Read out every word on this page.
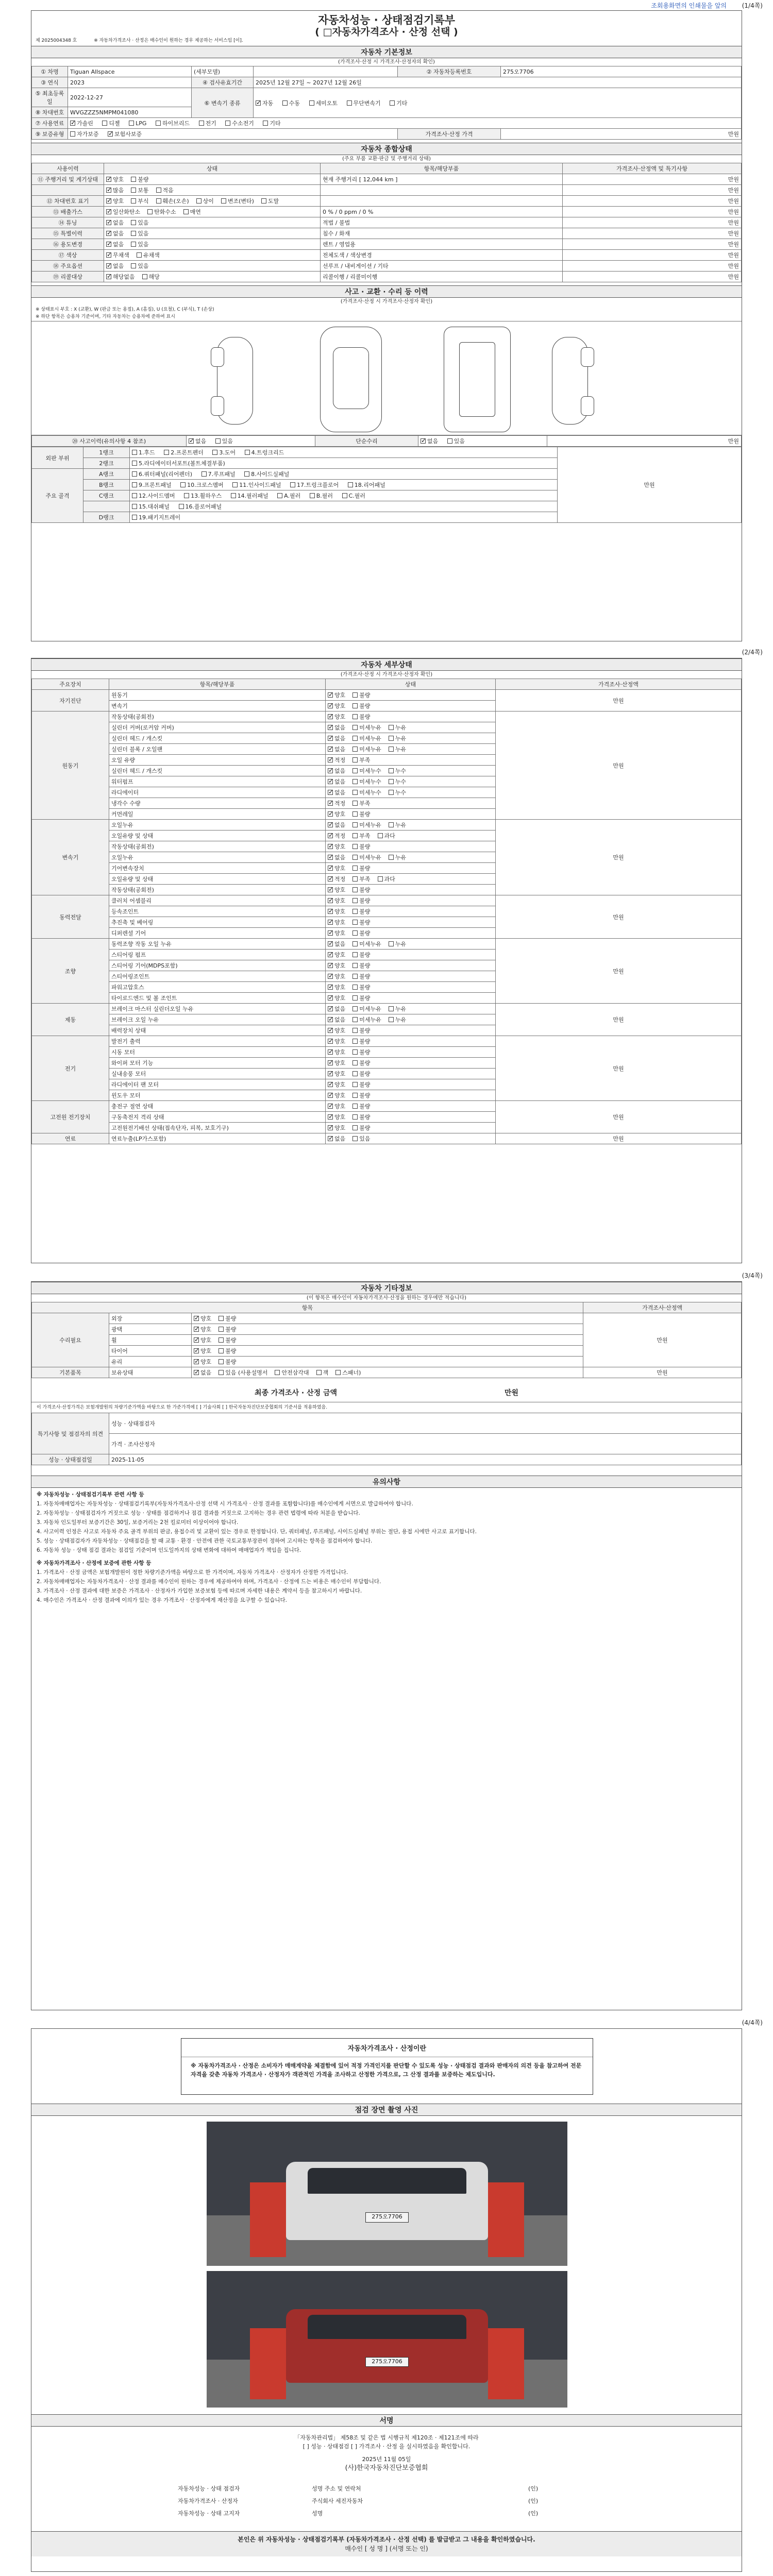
조회용화면의 인쇄물을 앞의 (1/4쪽)
자동차성능 · 상태점검기록부
( □자동차가격조사 · 산정 선택 )
제 2025004348 호	※ 자동차가격조사 · 산정은 매수인이 원하는 경우 제공하는 서비스임 [이].
자동차 기본정보
(가격조사·산정 시 가격조사·산정자의 확인)
① 차명	Tiguan Allspace	(세부모델)		② 자동차등록번호	275오7706
③ 연식	2023	④ 검사유효기간	2025년 12월 27일 ~ 2027년 12월 26일		
⑤ 최초등록일	2022-12-27	⑥ 변속기 종류	✓자동 수동 세미오토 무단변속기 기타
⑧ 차대번호	WVGZZZ5NMPM041080				
⑦ 사용연료	✓가솔린 디젤 LPG 하이브리드 전기 수소전기 기타
⑨ 보증유형	자가보증 ✓ 보험사보증			가격조사·산정 가격	만원
자동차 종합상태
(주요 부품 교환·판금 및 주행거리 상태)
사용이력	상태	항목/해당부품	가격조사·산정액 및 특기사항
⑪ 주행거리 및 계기상태	✓양호 불량	현재 주행거리 [ 12,044 km ]	만원
	✓많음 보통 적음		만원
⑫ 차대번호 표기	✓양호 부식 훼손(오손) 상이 변조(변타) 도말		만원
⑬ 배출가스	✓일산화탄소 탄화수소 매연	0 % / 0 ppm / 0 %	만원
⑭ 튜닝	✓없음 있음	적법 / 불법	만원
⑮ 특별이력	✓없음 있음	침수 / 화재	만원
⑯ 용도변경	✓없음 있음	렌트 / 영업용	만원
⑰ 색상	✓무채색 유채색	전체도색 / 색상변경	만원
⑱ 주요옵션	✓없음 있음	선루프 / 내비게이션 / 기타	만원
⑲ 리콜대상	✓해당없음 해당	리콜이행 / 리콜미이행	만원
사고 · 교환 · 수리 등 이력
(가격조사·산정 시 가격조사·산정자 확인)
※ 상태표시 부호 : X (교환), W (판금 또는 용접), A (흠집), U (요철), C (부식), T (손상)
※ 하단 항목은 승용차 기준이며, 기타 자동차는 승용차에 준하여 표시
⑳ 사고이력(유의사항 4 참조)	✓없음	있음	단순수리	✓없음	있음	만원
외판 부위	1랭크	1.후드 2.프론트펜더 3.도어 4.트렁크리드	만원
	2랭크	5.라디에이터서포트(볼트체결부품)	
주요 골격	A랭크	6.쿼터패널(리어펜더) 7.루프패널 8.사이드실패널	
	B랭크	9.프론트패널 10.크로스멤버 11.인사이드패널 17.트렁크플로어 18.리어패널	
	C랭크	12.사이드멤버 13.휠하우스 14.필러패널 A.필러 B.필러 C.필러	
		15.대쉬패널 16.플로어패널	
	D랭크	19.패키지트레이	
(2/4쪽)
자동차 세부상태
(가격조사·산정 시 가격조사·산정자 확인)
주요장치	항목/해당부품	상태	가격조사·산정액
자기진단	원동기	✓양호 불량	만원
	변속기	✓양호 불량
원동기	작동상태(공회전)	✓양호 불량	만원
	실린더 커버(로커암 커버)	✓없음 미세누유 누유
	실린더 헤드 / 개스킷	✓없음 미세누유 누유
	실린더 블록 / 오일팬	✓없음 미세누유 누유
	오일 유량	✓적정 부족
	실린더 헤드 / 개스킷	✓없음 미세누수 누수
	워터펌프	✓없음 미세누수 누수
	라디에이터	✓없음 미세누수 누수
	냉각수 수량	✓적정 부족
	커먼레일	✓양호 불량
변속기	오일누유	✓없음 미세누유 누유	만원
	오일유량 및 상태	✓적정 부족 과다
	작동상태(공회전)	✓양호 불량
	오일누유	✓없음 미세누유 누유
	기어변속장치	✓양호 불량
	오일유량 및 상태	✓적정 부족 과다
	작동상태(공회전)	✓양호 불량
동력전달	클러치 어셈블리	✓양호 불량	만원
	등속조인트	✓양호 불량
	추진축 및 베어링	✓양호 불량
	디퍼렌셜 기어	✓양호 불량
조향	동력조향 작동 오일 누유	✓없음 미세누유 누유	만원
	스티어링 펌프	✓양호 불량
	스티어링 기어(MDPS포함)	✓양호 불량
	스티어링조인트	✓양호 불량
	파워고압호스	✓양호 불량
	타이로드엔드 및 볼 조인트	✓양호 불량
제동	브레이크 마스터 실린더오일 누유	✓없음 미세누유 누유	만원
	브레이크 오일 누유	✓없음 미세누유 누유
	배력장치 상태	✓양호 불량
전기	발전기 출력	✓양호 불량	만원
	시동 모터	✓양호 불량
	와이퍼 모터 기능	✓양호 불량
	실내송풍 모터	✓양호 불량
	라디에이터 팬 모터	✓양호 불량
	윈도우 모터	✓양호 불량
고전원 전기장치	충전구 절연 상태	✓양호 불량	만원
	구동축전지 격리 상태	✓양호 불량
	고전원전기배선 상태(접속단자, 피복, 보호기구)	✓양호 불량
연료	연료누출(LP가스포함)	✓없음 있음	만원
(3/4쪽)
자동차 기타정보
(이 항목은 매수인이 자동차가격조사·산정을 원하는 경우에만 적습니다)
항목			가격조사·산정액
수리필요	외장	✓양호 불량	만원
	광택	✓양호 불량
	휠	✓양호 불량
	타이어	✓양호 불량
	유리	✓양호 불량
기본품목	보유상태	✓없음 있음 (사용설명서 안전삼각대 잭 스패너)	만원
최종 가격조사 · 산정 금액	만원
이 가격조사·산정가격은 보험개발원의 차량기준가액을 바탕으로 한 가준가격에 [ ] 기술사회 [ ] 한국자동차진단보증협회의 기준서를 적용하였음.
특기사항 및 점검자의 의견	성능 · 상태점검자
	가격 · 조사산정자
성능 · 상태점검일	2025-11-05
유의사항

※ 자동차성능 · 상태점검기록부 관련 사항 등

1. 자동차매매업자는 자동차성능 · 상태점검기록부(자동차가격조사·산정 선택 시 가격조사 · 산정 결과를 포함합니다)를 매수인에게 서면으로 발급하여야 합니다.

2. 자동차성능 · 상태점검자가 거짓으로 성능 · 상태를 점검하거나 점검 결과를 거짓으로 고지하는 경우 관련 법령에 따라 처분을 받습니다.

3. 자동차 인도일부터 보증기간은 30일, 보증거리는 2천 킬로미터 이상이어야 합니다.

4. 사고이력 인정은 사고로 자동차 주요 골격 부위의 판금, 용접수리 및 교환이 있는 경우로 한정합니다. 단, 쿼터패널, 루프패널, 사이드실패널 부위는 절단, 용접 시에만 사고로 표기합니다.

5. 성능 · 상태점검자가 자동차성능 · 상태점검을 할 때 교통 · 환경 · 안전에 관한 국토교통부장관이 정하여 고시하는 항목을 점검하여야 합니다.

6. 자동차 성능 · 상태 점검 결과는 점검일 기준이며 인도일까지의 상태 변화에 대하여 매매업자가 책임을 집니다.

※ 자동차가격조사 · 산정에 보증에 관한 사항 등

1. 가격조사 · 산정 금액은 보험개발원이 정한 차량기준가액을 바탕으로 한 가격이며, 자동차 가격조사 · 산정자가 산정한 가격입니다.

2. 자동차매매업자는 자동차가격조사 · 산정 결과를 매수인이 원하는 경우에 제공하여야 하며, 가격조사 · 산정에 드는 비용은 매수인이 부담합니다.

3. 가격조사 · 산정 결과에 대한 보증은 가격조사 · 산정자가 가입한 보증보험 등에 따르며 자세한 내용은 계약서 등을 참고하시기 바랍니다.

4. 매수인은 가격조사 · 산정 결과에 이의가 있는 경우 가격조사 · 산정자에게 재산정을 요구할 수 있습니다.

(4/4쪽)
자동차가격조사 · 산정이란
※ 자동차가격조사 · 산정은 소비자가 매매계약을 체결함에 있어 적정 가격인지를 판단할 수 있도록 성능 · 상태점검 결과와 판매자의 의견 등을 참고하여 전문 자격을 갖춘 자동차 가격조사 · 산정자가 객관적인 가격을 조사하고 산정한 가격으로, 그 산정 결과를 보증하는 제도입니다.
점검 장면 촬영 사진
275오7706
275오7706
서명
「자동차관리법」 제58조 및 같은 법 시행규칙 제120조 · 제121조에 따라
[ ] 성능 · 상태점검 [ ] 가격조사 · 산정 을 실시하였음을 확인합니다.
2025년 11월 05일
(사)한국자동차진단보증협회
자동차성능 · 상태 점검자	성명 주소 및 연락처	(인)
자동차가격조사 · 산정자	주식회사 세진자동차	(인)
자동차성능 · 상태 고지자	성명	(인)
본인은 위 자동차성능 · 상태점검기록부 (자동차가격조사 · 산정 선택) 를 발급받고 그 내용을 확인하였습니다.
매수인 [ 성 명 ] (서명 또는 인)
